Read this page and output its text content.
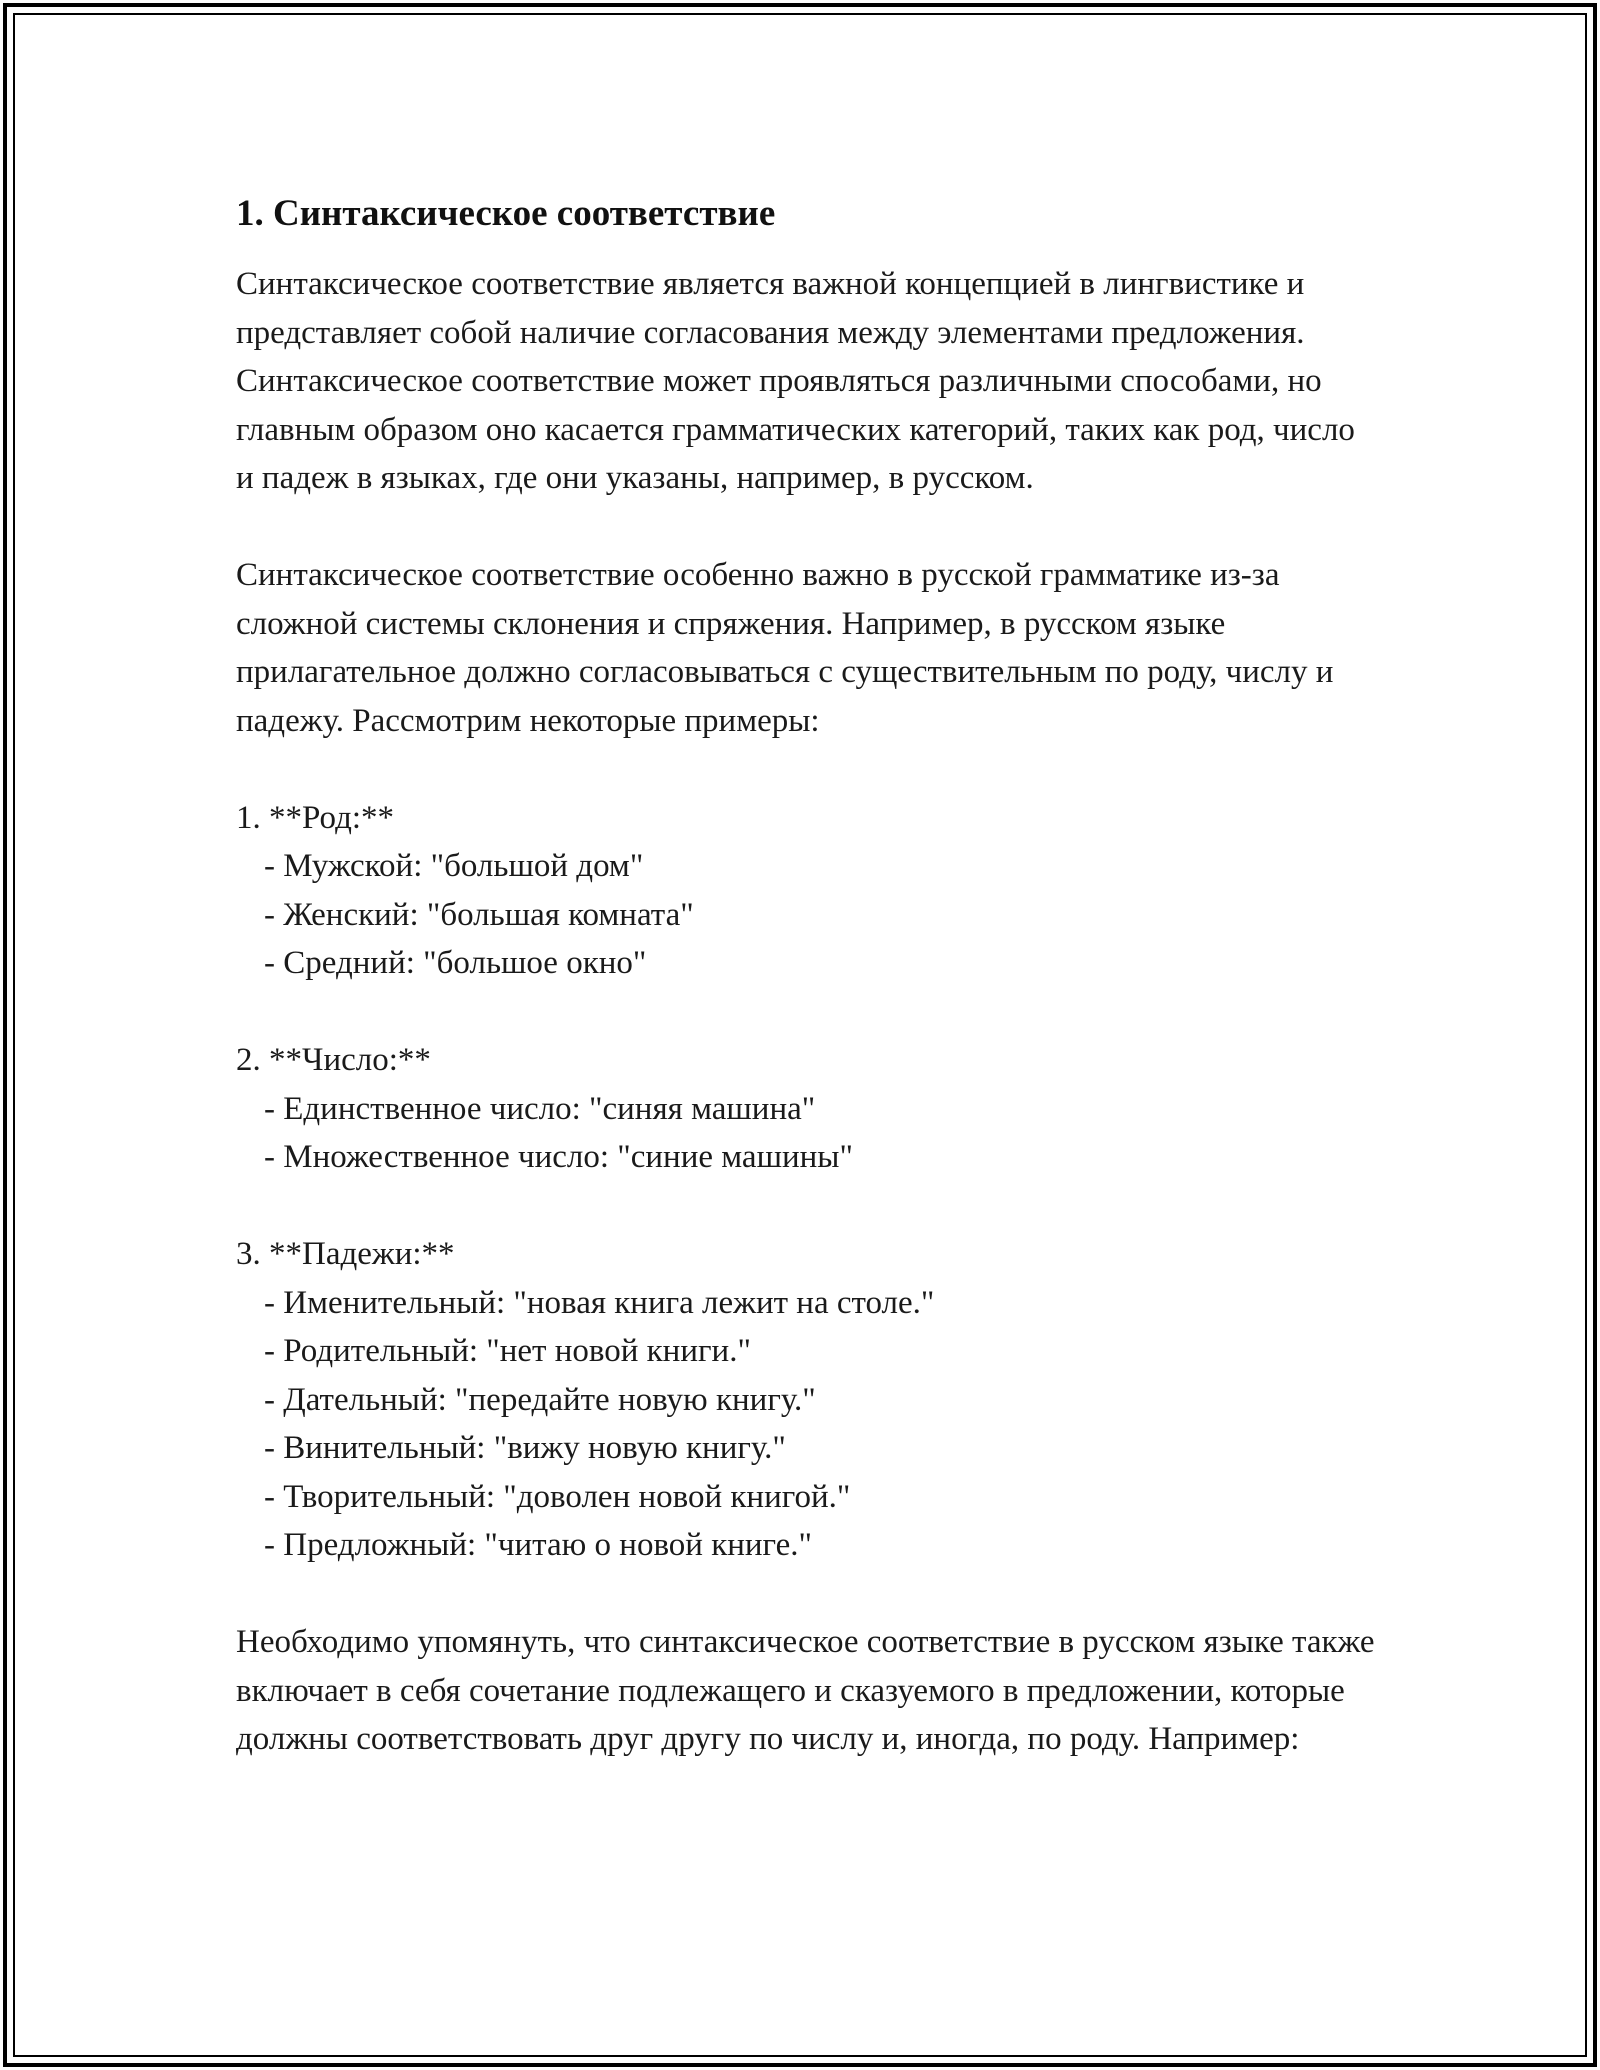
1. Синтаксическое соответствие

Синтаксическое соответствие является важной концепцией в лингвистике и представляет собой наличие согласования между элементами предложения. Синтаксическое соответствие может проявляться различными способами, но главным образом оно касается грамматических категорий, таких как род, число и падеж в языках, где они указаны, например, в русском.

Синтаксическое соответствие особенно важно в русской грамматике из-за сложной системы склонения и спряжения. Например, в русском языке прилагательное должно согласовываться с существительным по роду, числу и падежу. Рассмотрим некоторые примеры:

1. **Род:**

- Мужской: "большой дом"

- Женский: "большая комната"

- Средний: "большое окно"

2. **Число:**

- Единственное число: "синяя машина"

- Множественное число: "синие машины"

3. **Падежи:**

- Именительный: "новая книга лежит на столе."

- Родительный: "нет новой книги."

- Дательный: "передайте новую книгу."

- Винительный: "вижу новую книгу."

- Творительный: "доволен новой книгой."

- Предложный: "читаю о новой книге."

Необходимо упомянуть, что синтаксическое соответствие в русском языке также включает в себя сочетание подлежащего и сказуемого в предложении, которые должны соответствовать друг другу по числу и, иногда, по роду. Например:
